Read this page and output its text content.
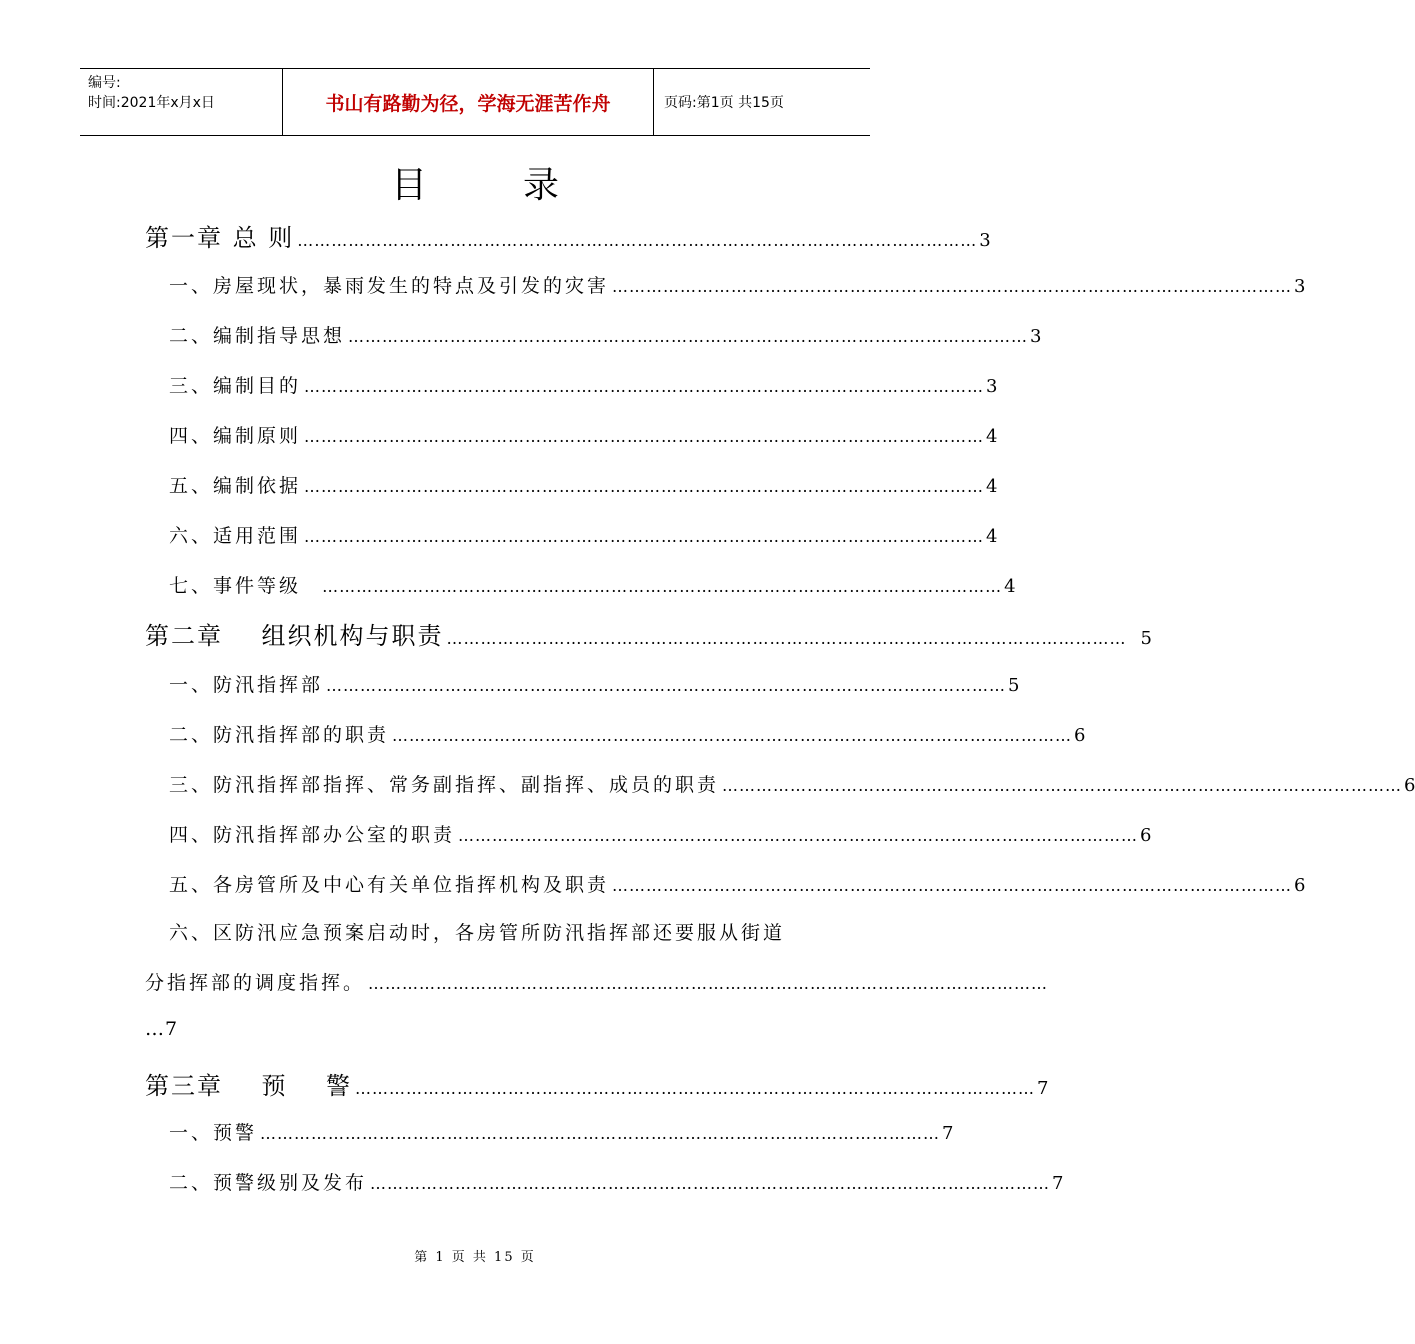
编号:
时间:2021年x月x日	书山有路勤为径，学海无涯苦作舟	页码:第1页 共15页
目录
第一章 总 则 ………………………………………………………………………………………………………… 3
一、房屋现状，暴雨发生的特点及引发的灾害 ………………………………………………………………………………………………………… 3
二、编制指导思想 ………………………………………………………………………………………………………… 3
三、编制目的 ………………………………………………………………………………………………………… 3
四、编制原则 ………………………………………………………………………………………………………… 4
五、编制依据 ………………………………………………………………………………………………………… 4
六、适用范围 ………………………………………………………………………………………………………… 4
七、事件等级 ………………………………………………………………………………………………………… 4
第二章    组织机构与职责 ………………………………………………………………………………………………………… 5
一、防汛指挥部 ………………………………………………………………………………………………………… 5
二、防汛指挥部的职责 ………………………………………………………………………………………………………… 6
三、防汛指挥部指挥、常务副指挥、副指挥、成员的职责 ………………………………………………………………………………………………………… 6
四、防汛指挥部办公室的职责 ………………………………………………………………………………………………………… 6
五、各房管所及中心有关单位指挥机构及职责 ………………………………………………………………………………………………………… 6
六、区防汛应急预案启动时，各房管所防汛指挥部还要服从街道
分指挥部的调度指挥。 …………………………………………………………………………………………………………
…7
第三章    预    警 ………………………………………………………………………………………………………… 7
一、预警 ………………………………………………………………………………………………………… 7
二、预警级别及发布 ………………………………………………………………………………………………………… 7
第 1 页 共 15 页
